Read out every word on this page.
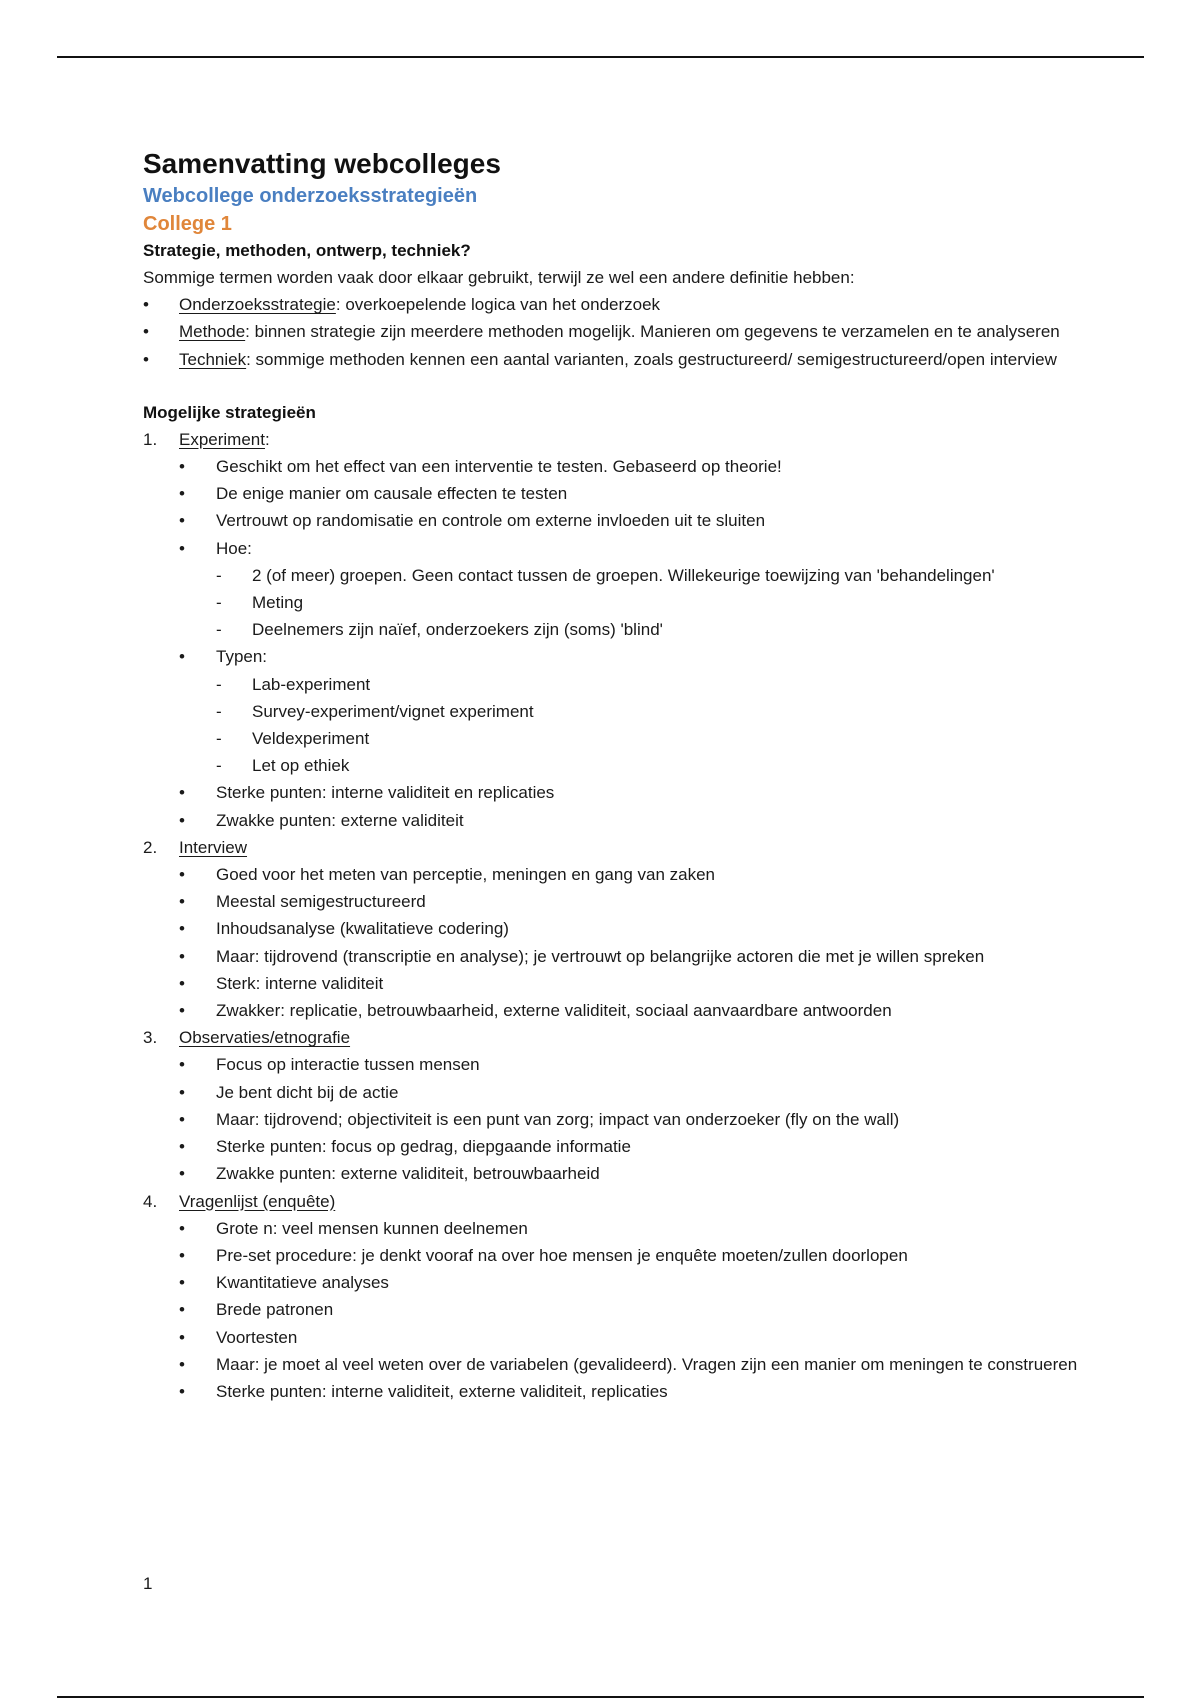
Samenvatting webcolleges
Webcollege onderzoeksstrategieën
College 1
Strategie, methoden, ontwerp, techniek?
Sommige termen worden vaak door elkaar gebruikt, terwijl ze wel een andere definitie hebben:
• Onderzoeksstrategie: overkoepelende logica van het onderzoek
• Methode: binnen strategie zijn meerdere methoden mogelijk. Manieren om gegevens te verzamelen en te analyseren
• Techniek: sommige methoden kennen een aantal varianten, zoals gestructureerd/ semigestructureerd/open interview
Mogelijke strategieën
1. Experiment:
• Geschikt om het effect van een interventie te testen. Gebaseerd op theorie!
• De enige manier om causale effecten te testen
• Vertrouwt op randomisatie en controle om externe invloeden uit te sluiten
• Hoe:
- 2 (of meer) groepen. Geen contact tussen de groepen. Willekeurige toewijzing van 'behandelingen'
- Meting
- Deelnemers zijn naïef, onderzoekers zijn (soms) 'blind'
• Typen:
- Lab-experiment
- Survey-experiment/vignet experiment
- Veldexperiment
- Let op ethiek
• Sterke punten: interne validiteit en replicaties
• Zwakke punten: externe validiteit
2. Interview
• Goed voor het meten van perceptie, meningen en gang van zaken
• Meestal semigestructureerd
• Inhoudsanalyse (kwalitatieve codering)
• Maar: tijdrovend (transcriptie en analyse); je vertrouwt op belangrijke actoren die met je willen spreken
• Sterk: interne validiteit
• Zwakker: replicatie, betrouwbaarheid, externe validiteit, sociaal aanvaardbare antwoorden
3. Observaties/etnografie
• Focus op interactie tussen mensen
• Je bent dicht bij de actie
• Maar: tijdrovend; objectiviteit is een punt van zorg; impact van onderzoeker (fly on the wall)
• Sterke punten: focus op gedrag, diepgaande informatie
• Zwakke punten: externe validiteit, betrouwbaarheid
4. Vragenlijst (enquête)
• Grote n: veel mensen kunnen deelnemen
• Pre-set procedure: je denkt vooraf na over hoe mensen je enquête moeten/zullen doorlopen
• Kwantitatieve analyses
• Brede patronen
• Voortesten
• Maar: je moet al veel weten over de variabelen (gevalideerd). Vragen zijn een manier om meningen te construeren
• Sterke punten: interne validiteit, externe validiteit, replicaties
1
